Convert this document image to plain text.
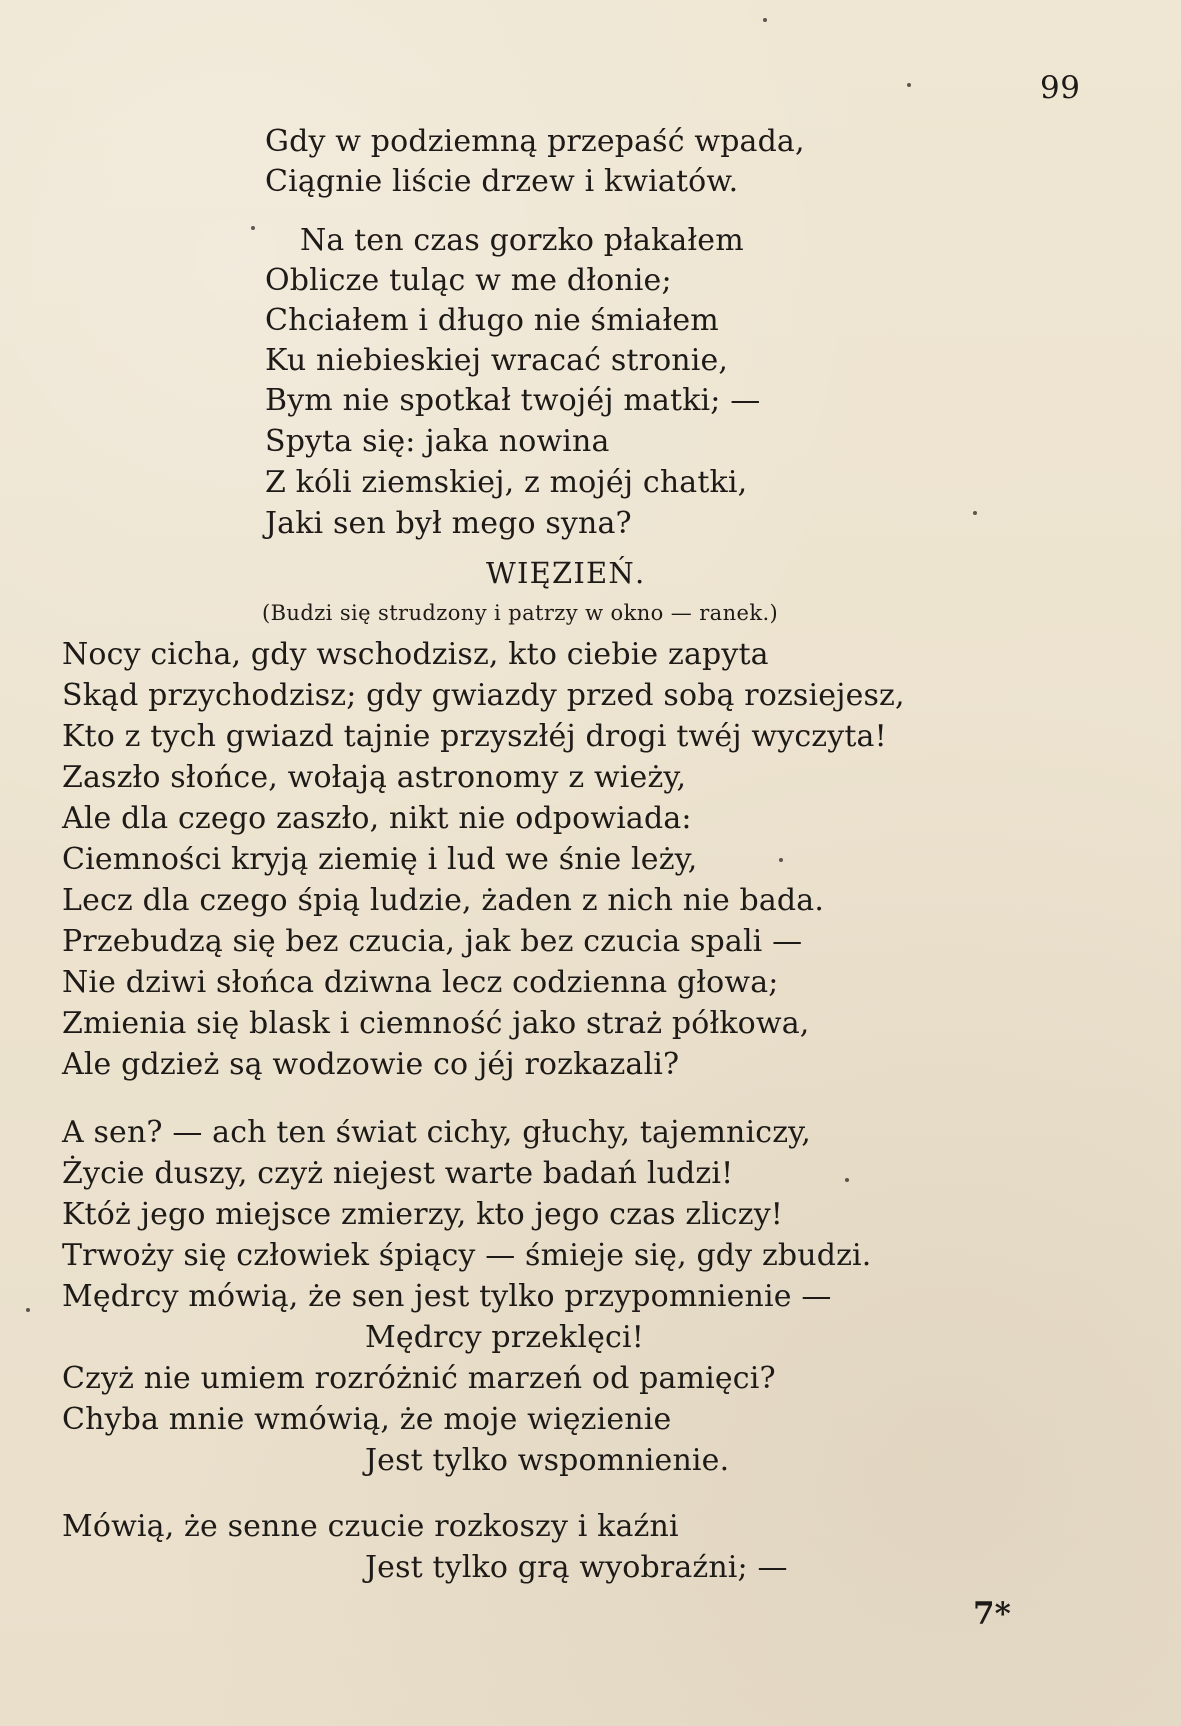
99
Gdy w podziemną przepaść wpada,
Ciągnie liście drzew i kwiatów.
Na ten czas gorzko płakałem
Oblicze tuląc w me dłonie;
Chciałem i długo nie śmiałem
Ku niebieskiej wracać stronie,
Bym nie spotkał twojéj matki; —
Spyta się: jaka nowina
Z kóli ziemskiej, z mojéj chatki,
Jaki sen był mego syna?
WIĘZIEŃ.
(Budzi się strudzony i patrzy w okno — ranek.)
Nocy cicha, gdy wschodzisz, kto ciebie zapyta
Skąd przychodzisz; gdy gwiazdy przed sobą rozsiejesz,
Kto z tych gwiazd tajnie przyszłéj drogi twéj wyczyta!
Zaszło słońce, wołają astronomy z wieży,
Ale dla czego zaszło, nikt nie odpowiada:
Ciemności kryją ziemię i lud we śnie leży,
Lecz dla czego śpią ludzie, żaden z nich nie bada.
Przebudzą się bez czucia, jak bez czucia spali —
Nie dziwi słońca dziwna lecz codzienna głowa;
Zmienia się blask i ciemność jako straż półkowa,
Ale gdzież są wodzowie co jéj rozkazali?
A sen? — ach ten świat cichy, głuchy, tajemniczy,
Życie duszy, czyż niejest warte badań ludzi!
Któż jego miejsce zmierzy, kto jego czas zliczy!
Trwoży się człowiek śpiący — śmieje się, gdy zbudzi.
Mędrcy mówią, że sen jest tylko przypomnienie —
Mędrcy przeklęci!
Czyż nie umiem rozróżnić marzeń od pamięci?
Chyba mnie wmówią, że moje więzienie
Jest tylko wspomnienie.
Mówią, że senne czucie rozkoszy i kaźni
Jest tylko grą wyobraźni; —
7*
